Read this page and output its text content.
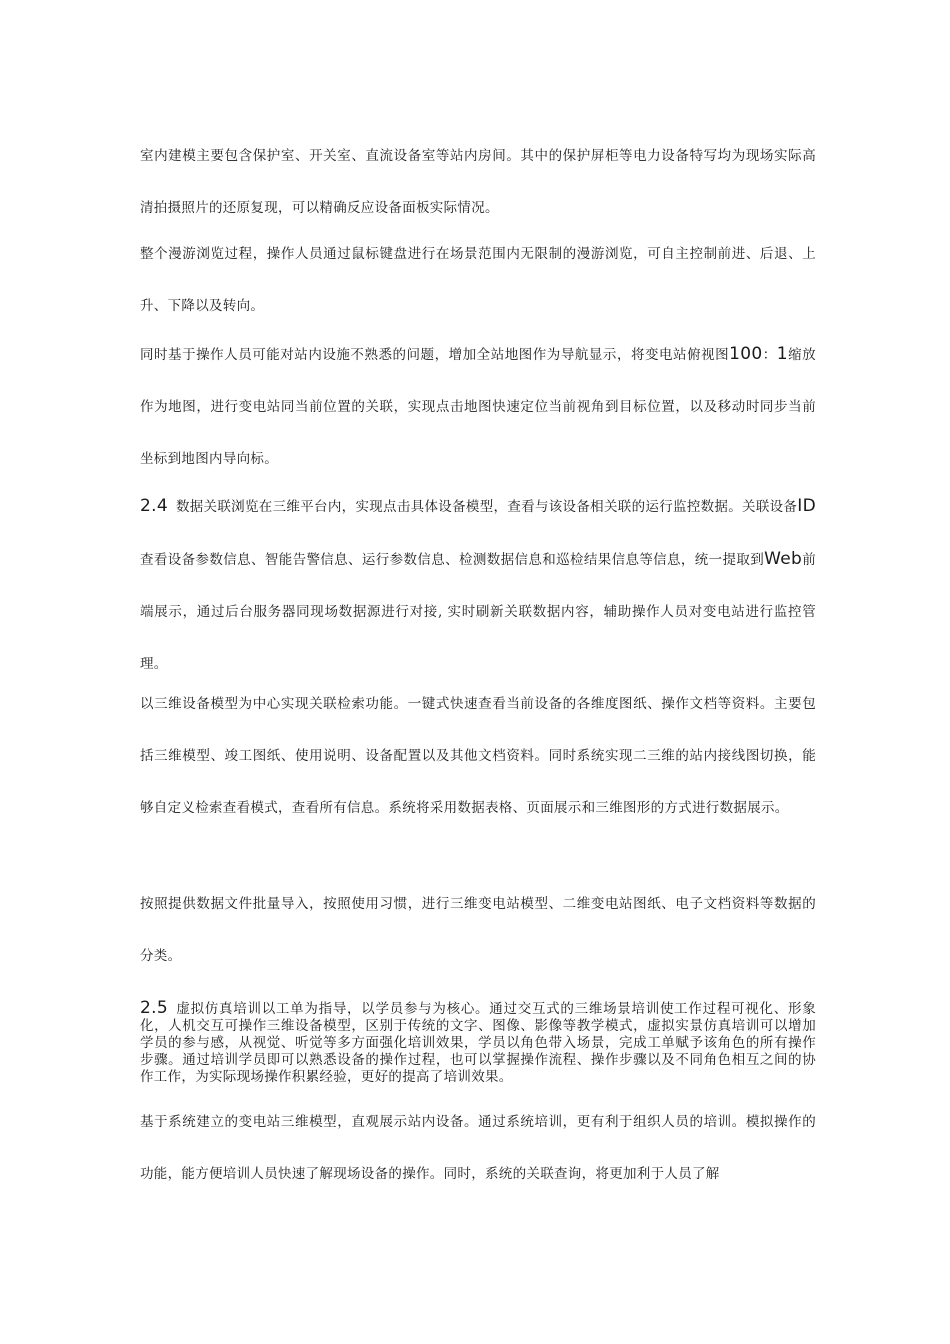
室内建模主要包含保护室、开关室、直流设备室等站内房间。其中的保护屏柜等电力设备特写均为现场实际高清拍摄照片的还原复现，可以精确反应设备面板实际情况。

整个漫游浏览过程，操作人员通过鼠标键盘进行在场景范围内无限制的漫游浏览，可自主控制前进、后退、上升、下降以及转向。

同时基于操作人员可能对站内设施不熟悉的问题，增加全站地图作为导航显示，将变电站俯视图100：1缩放作为地图，进行变电站同当前位置的关联，实现点击地图快速定位当前视角到目标位置，以及移动时同步当前坐标到地图内导向标。

2.4 数据关联浏览在三维平台内，实现点击具体设备模型，查看与该设备相关联的运行监控数据。关联设备ID查看设备参数信息、智能告警信息、运行参数信息、检测数据信息和巡检结果信息等信息，统一提取到Web前端展示，通过后台服务器同现场数据源进行对接, 实时刷新关联数据内容，辅助操作人员对变电站进行监控管理。

以三维设备模型为中心实现关联检索功能。一键式快速查看当前设备的各维度图纸、操作文档等资料。主要包括三维模型、竣工图纸、使用说明、设备配置以及其他文档资料。同时系统实现二三维的站内接线图切换，能够自定义检索查看模式，查看所有信息。系统将采用数据表格、页面展示和三维图形的方式进行数据展示。

按照提供数据文件批量导入，按照使用习惯，进行三维变电站模型、二维变电站图纸、电子文档资料等数据的分类。

2.5 虚拟仿真培训以工单为指导，以学员参与为核心。通过交互式的三维场景培训使工作过程可视化、形象化，人机交互可操作三维设备模型，区别于传统的文字、图像、影像等教学模式，虚拟实景仿真培训可以增加学员的参与感，从视觉、听觉等多方面强化培训效果，学员以角色带入场景，完成工单赋予该角色的所有操作步骤。通过培训学员即可以熟悉设备的操作过程，也可以掌握操作流程、操作步骤以及不同角色相互之间的协作工作，为实际现场操作积累经验，更好的提高了培训效果。

基于系统建立的变电站三维模型，直观展示站内设备。通过系统培训，更有利于组织人员的培训。模拟操作的功能，能方便培训人员快速了解现场设备的操作。同时，系统的关联查询，将更加利于人员了解
